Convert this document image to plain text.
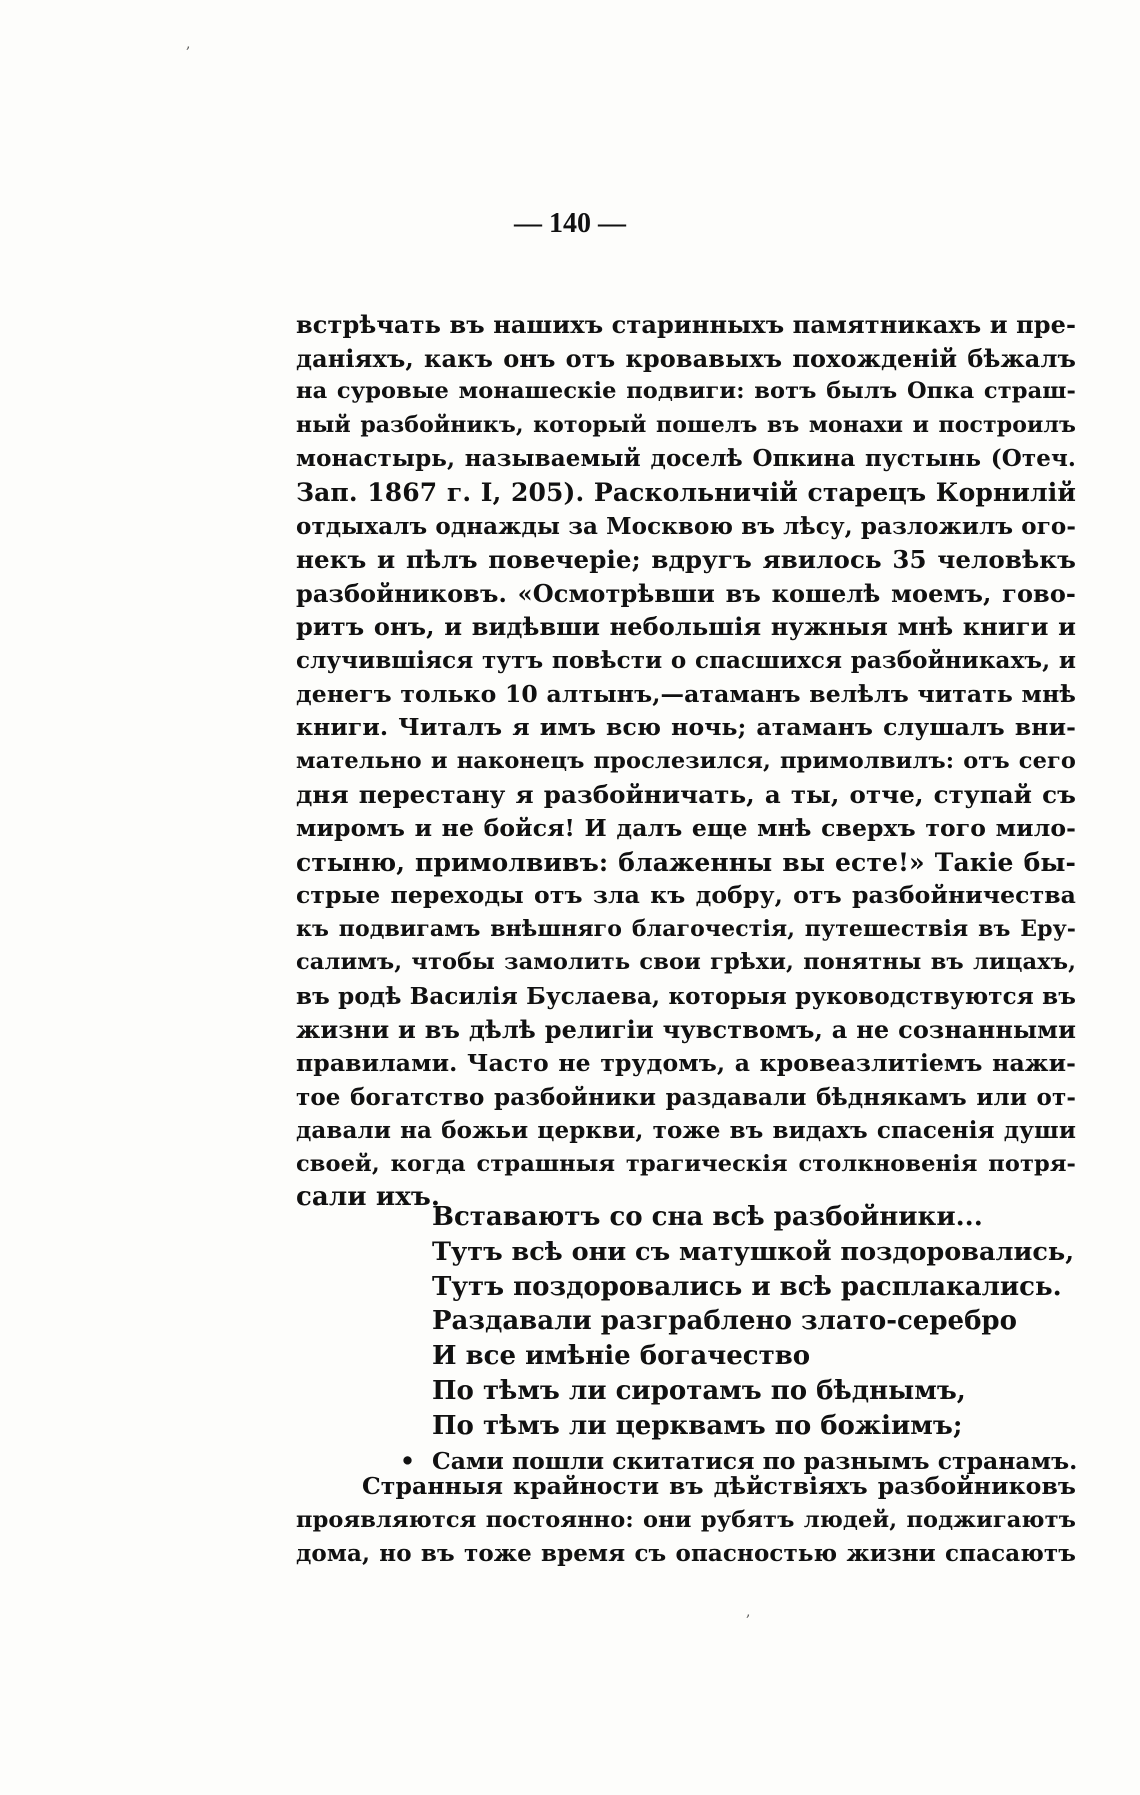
,
— 140 —
встрѣчать въ нашихъ старинныхъ памятникахъ и пре-
даніяхъ, какъ онъ отъ кровавыхъ похожденій бѣжалъ
на суровые монашескіе подвиги: вотъ былъ Опка страш-
ный разбойникъ, который пошелъ въ монахи и построилъ
монастырь, называемый доселѣ Опкина пустынь (Отеч.
Зап. 1867 г. I, 205). Раскольничій старецъ Корнилій
отдыхалъ однажды за Москвою въ лѣсу, разложилъ ого-
некъ и пѣлъ повечеріе; вдругъ явилось 35 человѣкъ
разбойниковъ. «Осмотрѣвши въ кошелѣ моемъ, гово-
ритъ онъ, и видѣвши небольшія нужныя мнѣ книги и
случившіяся тутъ повѣсти о спасшихся разбойникахъ, и
денегъ только 10 алтынъ,—атаманъ велѣлъ читать мнѣ
книги. Читалъ я имъ всю ночь; атаманъ слушалъ вни-
мательно и наконецъ прослезился, примолвилъ: отъ сего
дня перестану я разбойничать, а ты, отче, ступай съ
миромъ и не бойся! И далъ еще мнѣ сверхъ того мило-
стыню, примолвивъ: блаженны вы есте!» Такіе бы-
стрые переходы отъ зла къ добру, отъ разбойничества
къ подвигамъ внѣшняго благочестія, путешествія въ Еру-
салимъ, чтобы замолить свои грѣхи, понятны въ лицахъ,
въ родѣ Василія Буслаева, которыя руководствуются въ
жизни и въ дѣлѣ религіи чувствомъ, а не сознанными
правилами. Часто не трудомъ, а кровеазлитіемъ нажи-
тое богатство разбойники раздавали бѣднякамъ или от-
давали на божьи церкви, тоже въ видахъ спасенія души
своей, когда страшныя трагическія столкновенія потря-
сали ихъ.
Вставаютъ со сна всѣ разбойники...
Тутъ всѣ они съ матушкой поздоровались,
Тутъ поздоровались и всѣ расплакались.
Раздавали разграблено злато-серебро
И все имѣніе богачество
По тѣмъ ли сиротамъ по бѣднымъ,
По тѣмъ ли церквамъ по божіимъ;
• Сами пошли скитатися по разнымъ странамъ.
Странныя крайности въ дѣйствіяхъ разбойниковъ
проявляются постоянно: они рубятъ людей, поджигаютъ
дома, но въ тоже время съ опасностью жизни спасаютъ
,
